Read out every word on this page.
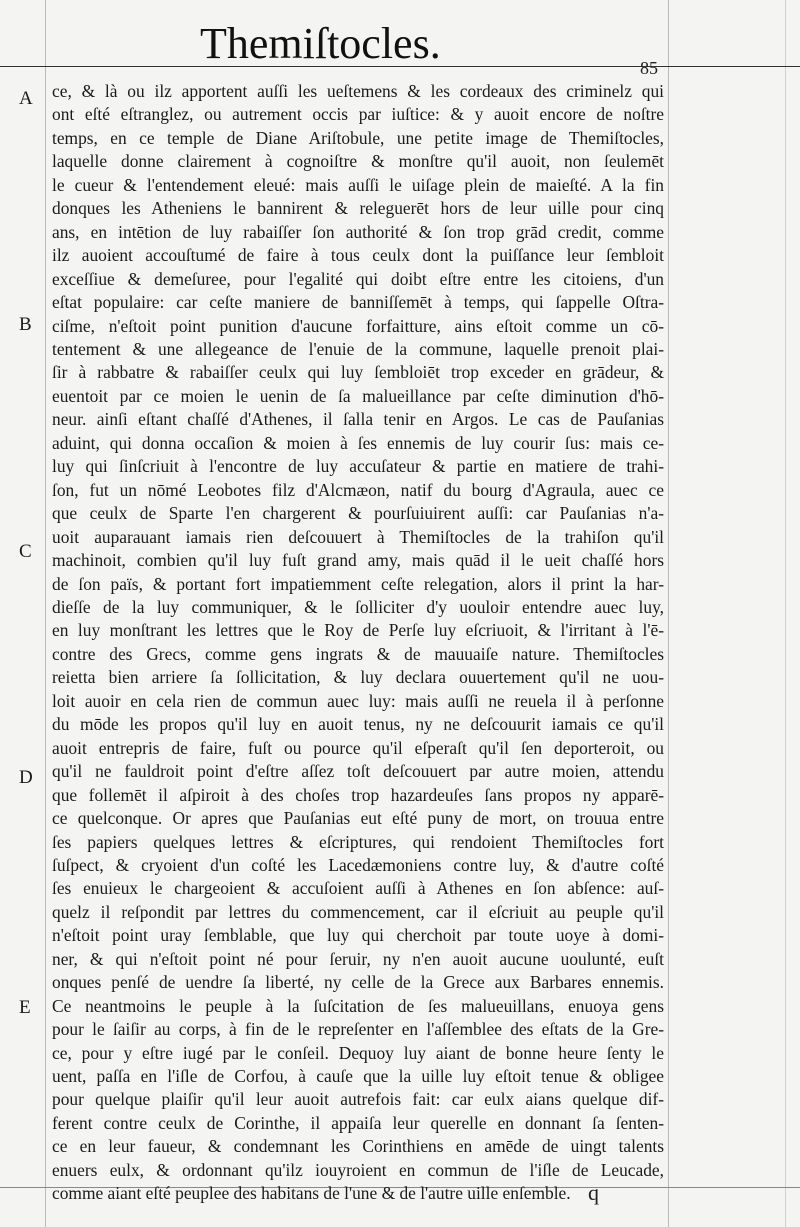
Themiſtocles.	85
A
B
C
D
E
ce, & là ou ilz apportent auſſi les ueſtemens & les cordeaux des criminelz qui
ont eſté eſtranglez, ou autrement occis par iuſtice: & y auoit encore de noſtre
temps, en ce temple de Diane Ariſtobule, une petite image de Themiſtocles,
laquelle donne clairement à cognoiſtre & monſtre qu'il auoit, non ſeulemēt
le cueur & l'entendement eleué: mais auſſi le uiſage plein de maieſté. A la fin
donques les Atheniens le bannirent & releguerēt hors de leur uille pour cinq
ans, en intētion de luy rabaiſſer ſon authorité & ſon trop grād credit, comme
ilz auoient accouſtumé de faire à tous ceulx dont la puiſſance leur ſembloit
exceſſiue & demeſuree, pour l'egalité qui doibt eſtre entre les citoiens, d'un
eſtat populaire: car ceſte maniere de banniſſemēt à temps, qui ſappelle Oſtra-
ciſme, n'eſtoit point punition d'aucune forfaitture, ains eſtoit comme un cō-
tentement & une allegeance de l'enuie de la commune, laquelle prenoit plai-
ſir à rabbatre & rabaiſſer ceulx qui luy ſembloiēt trop exceder en grādeur, &
euentoit par ce moien le uenin de ſa malueillance par ceſte diminution d'hō-
neur. ainſi eſtant chaſſé d'Athenes, il ſalla tenir en Argos. Le cas de Pauſanias
aduint, qui donna occaſion & moien à ſes ennemis de luy courir ſus: mais ce-
luy qui ſinſcriuit à l'encontre de luy accuſateur & partie en matiere de trahi-
ſon, fut un nōmé Leobotes filz d'Alcmæon, natif du bourg d'Agraula, auec ce
que ceulx de Sparte l'en chargerent & pourſuiuirent auſſi: car Pauſanias n'a-
uoit auparauant iamais rien deſcouuert à Themiſtocles de la trahiſon qu'il
machinoit, combien qu'il luy fuſt grand amy, mais quād il le ueit chaſſé hors
de ſon païs, & portant fort impatiemment ceſte relegation, alors il print la har-
dieſſe de la luy communiquer, & le ſolliciter d'y uouloir entendre auec luy,
en luy monſtrant les lettres que le Roy de Perſe luy eſcriuoit, & l'irritant à l'ē-
contre des Grecs, comme gens ingrats & de mauuaiſe nature. Themiſtocles
reietta bien arriere ſa ſollicitation, & luy declara ouuertement qu'il ne uou-
loit auoir en cela rien de commun auec luy: mais auſſi ne reuela il à perſonne
du mōde les propos qu'il luy en auoit tenus, ny ne deſcouurit iamais ce qu'il
auoit entrepris de faire, fuſt ou pource qu'il eſperaſt qu'il ſen deporteroit, ou
qu'il ne fauldroit point d'eſtre aſſez toſt deſcouuert par autre moien, attendu
que follemēt il aſpiroit à des choſes trop hazardeuſes ſans propos ny apparē-
ce quelconque. Or apres que Pauſanias eut eſté puny de mort, on trouua entre
ſes papiers quelques lettres & eſcriptures, qui rendoient Themiſtocles fort
ſuſpect, & cryoient d'un coſté les Lacedæmoniens contre luy, & d'autre coſté
ſes enuieux le chargeoient & accuſoient auſſi à Athenes en ſon abſence: auſ-
quelz il reſpondit par lettres du commencement, car il eſcriuit au peuple qu'il
n'eſtoit point uray ſemblable, que luy qui cherchoit par toute uoye à domi-
ner, & qui n'eſtoit point né pour ſeruir, ny n'en auoit aucune uoulunté, euſt
onques penſé de uendre ſa liberté, ny celle de la Grece aux Barbares ennemis.
Ce neantmoins le peuple à la ſuſcitation de ſes malueuillans, enuoya gens
pour le ſaiſir au corps, à fin de le repreſenter en l'aſſemblee des eſtats de la Gre-
ce, pour y eſtre iugé par le conſeil. Dequoy luy aiant de bonne heure ſenty le
uent, paſſa en l'iſle de Corfou, à cauſe que la uille luy eſtoit tenue & obligee
pour quelque plaiſir qu'il leur auoit autrefois fait: car eulx aians quelque dif-
ferent contre ceulx de Corinthe, il appaiſa leur querelle en donnant ſa ſenten-
ce en leur faueur, & condemnant les Corinthiens en amēde de uingt talents
enuers eulx, & ordonnant qu'ilz iouyroient en commun de l'iſle de Leucade,
comme aiant eſté peuplee des habitans de l'une & de l'autre uille enſemble. q
